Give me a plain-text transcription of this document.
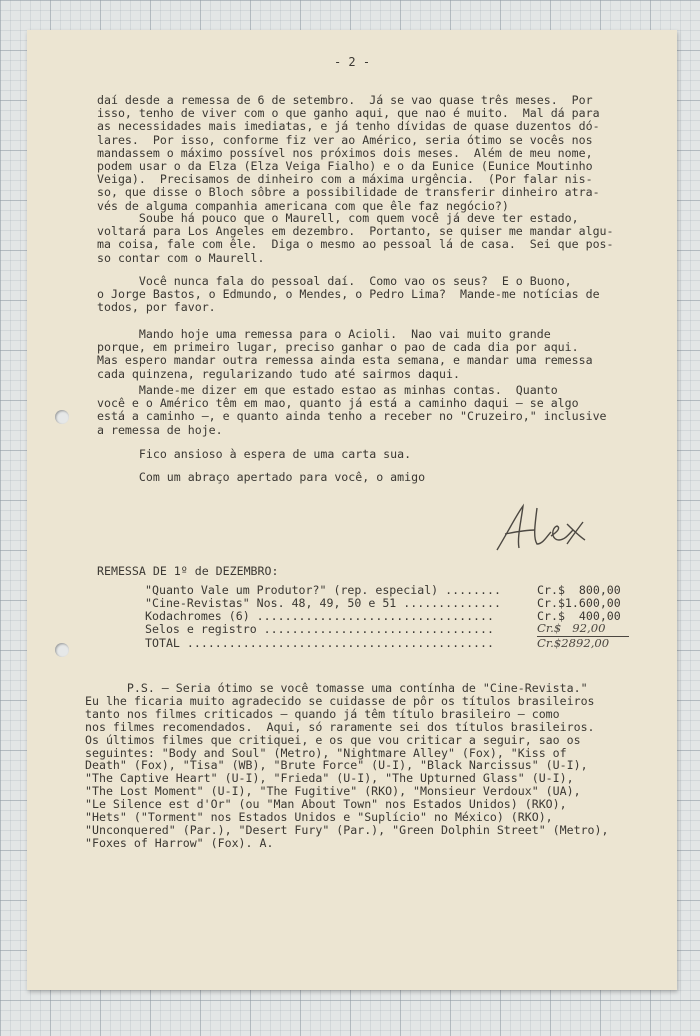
- 2 -
daí desde a remessa de 6 de setembro.  Já se vao quase três meses.  Por
isso, tenho de viver com o que ganho aqui, que nao é muito.  Mal dá para
as necessidades mais imediatas, e já tenho dívidas de quase duzentos dó-
lares.  Por isso, conforme fiz ver ao Américo, seria ótimo se vocês nos
mandassem o máximo possível nos próximos dois meses.  Além de meu nome,
podem usar o da Elza (Elza Veiga Fialho) e o da Eunice (Eunice Moutinho
Veiga).  Precisamos de dinheiro com a máxima urgência.  (Por falar nis-
so, que disse o Bloch sôbre a possibilidade de transferir dinheiro atra-
vés de alguma companhia americana com que êle faz negócio?)
Soube há pouco que o Maurell, com quem você já deve ter estado,
voltará para Los Angeles em dezembro.  Portanto, se quiser me mandar algu-
ma coisa, fale com êle.  Diga o mesmo ao pessoal lá de casa.  Sei que pos-
so contar com o Maurell.
Você nunca fala do pessoal daí.  Como vao os seus?  E o Buono,
o Jorge Bastos, o Edmundo, o Mendes, o Pedro Lima?  Mande-me notícias de
todos, por favor.
Mando hoje uma remessa para o Acioli.  Nao vai muito grande
porque, em primeiro lugar, preciso ganhar o pao de cada dia por aqui.
Mas espero mandar outra remessa ainda esta semana, e mandar uma remessa
cada quinzena, regularizando tudo até sairmos daqui.
Mande-me dizer em que estado estao as minhas contas.  Quanto
você e o Américo têm em mao, quanto já está a caminho daqui — se algo
está a caminho —, e quanto ainda tenho a receber no "Cruzeiro," inclusive
a remessa de hoje.
Fico ansioso à espera de uma carta sua.
Com um abraço apertado para você, o amigo
REMESSA DE 1º de DEZEMBRO:
"Quanto Vale um Produtor?" (rep. especial) ........	Cr.$  800,00
"Cine-Revistas" Nos. 48, 49, 50 e 51 ..............	Cr.$1.600,00
Kodachromes (6) ..................................	Cr.$  400,00
Selos e registro .................................	Cr.$   92,00
TOTAL ............................................	Cr.$2892,00
P.S. — Seria ótimo se você tomasse uma contínha de "Cine-Revista."
Eu lhe ficaria muito agradecido se cuidasse de pôr os títulos brasileiros
tanto nos filmes criticados — quando já têm título brasileiro — como
nos filmes recomendados.  Aqui, só raramente sei dos títulos brasileiros.
Os últimos filmes que critiquei, e os que vou criticar a seguir, sao os
seguintes: "Body and Soul" (Metro), "Nightmare Alley" (Fox), "Kiss of
Death" (Fox), "Tisa" (WB), "Brute Force" (U-I), "Black Narcissus" (U-I),
"The Captive Heart" (U-I), "Frieda" (U-I), "The Upturned Glass" (U-I),
"The Lost Moment" (U-I), "The Fugitive" (RKO), "Monsieur Verdoux" (UA),
"Le Silence est d'Or" (ou "Man About Town" nos Estados Unidos) (RKO),
"Hets" ("Torment" nos Estados Unidos e "Suplício" no México) (RKO),
"Unconquered" (Par.), "Desert Fury" (Par.), "Green Dolphin Street" (Metro),
"Foxes of Harrow" (Fox). A.
